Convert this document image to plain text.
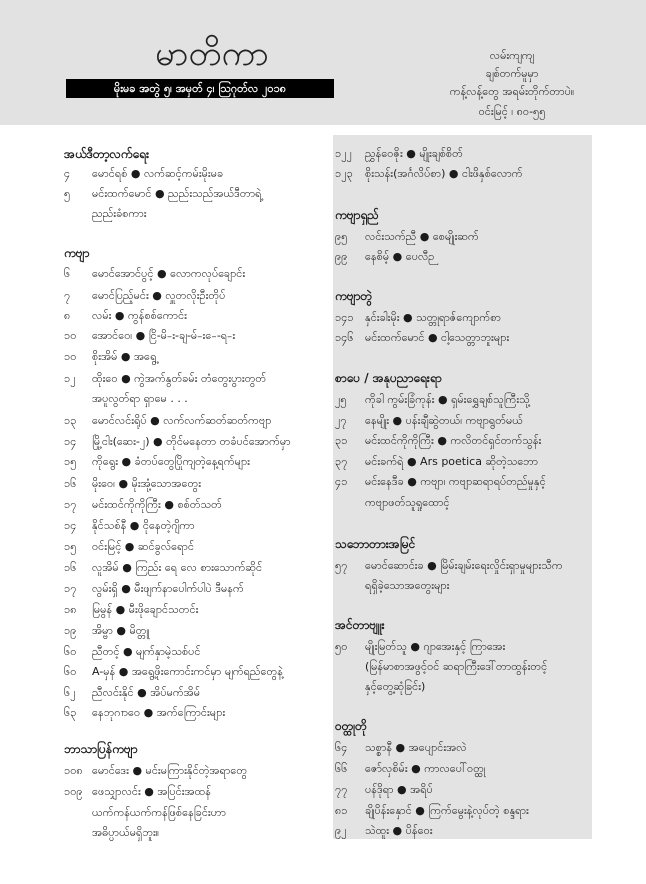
မာတိကာ
မိုးမခ အတွဲ ၅၊ အမှတ် ၄၊ ဩဂုတ်လ ၂၀၁၈
လမ်းကျကျ
ချစ်တက်မူမှာ
ကန့်လန့်တွေ အရမ်းတိုက်တာပဲ။
ဝင်းမြင့် ၊ ၈၀-၅၅
အယ်ဒီတာ့လက်ရေး
၄	မောင်ရစ် ● လက်ဆင့်ကမ်းမိုးမခ
၅	မင်းထက်မောင် ● ညည်းသည်အယ်ဒီတာရဲ့
ညည်းခံစကား
ကဗျာ
၆	မောင်အောင်ပွင့် ● လောကလုပ်ချောင်း
၇	မောင်ပြည့်မင်း ● လှူတလိုးဦးတိုပ်
၈	လမ်း ● ကွန်စစ်ကောင်း
၁၀	အောင်ဝေ၊ ● ငြိ-မိ-း-ချ-မ်-း-ေ-ရ-း
၁၀	စိုးအိမ် ● အရွေ့
၁၂	ထိုးဝေ ● ကွဲအက်နွတ်ခမ်း တံတွေးပွားတွတ်
အပူလွတ်ရာ ရှာမေ . . .
၁၃	မောင်လင်းရိုပ် ● လက်လက်ဆတ်ဆတ်ကဗျာ
၁၄	မြို့ငါး(ဆေး-၂) ● တိုင်မနေတာ တခံပင်အောက်မှာ
၁၅	ကိုရွေး ● ခံတပ်တွေပြိုကျတဲ့နေ့ရက်များ
၁၆	မိုးဝေ၊ ● မိုးအုံ့သောအတွေး
၁၇	မင်းထင်ကိုကိုကြီး ● စစ်တ်သတ်
၁၄	နိုင်သစ်နီ ● ငိုနေတဲ့ဂျိကာ
၁၅	ဝင်းမြင့် ● ဆင်ခွလ်ရောင်
၁၆	လူအိမ် ● ကြည်း ရေ လေ စားသောက်ဆိုင်
၁၇	လွမ်းရှိ ● မီးဖျက်နာပေါက်ပါပဲ ဒီမနက်
၁၈	မြမွန် ● မီးဖိုချောင်သတင်း
၁၉	အိမ္ဗာ ● မိတ္တူ
၆၀	ညီတင့် ● မျက်နှာမဲ့သစ်ပင်
၆၀	A-မှန် ● အရွေ့ဖိုးကောင်းကင်မှာ မျက်ရည်တွေနဲ့
၆၂	ညီလင်းနိုင် ● အိပ်မက်အိမ်
၆၃	နေဘုဂၢာဝေ ● အက်ကြောင်းများ
ဘာသာပြန်ကဗျာ
၁၀၈ မောင်ဒေး ● မင်းမကြားနိုင်တဲ့အရာတွေ
၁၀၉ ဖေသျှာလင်း ● အပြင်းအထန်
ယက်ကန်ယက်ကန်ဖြစ်နေခြင်းဟာ
အဓိပ္ပာယ်မရှိဘူး။
၁၂၂	ညွှန်ဝေဇိုး ● မျိုးချစ်စိတ်
၁၂၃	စိုးသန်း(အင်္ဂလိပ်စာ) ● ငါးဖိနှစ်လောက်
ကဗျာရှည်
၉၅	လင်းသက်ညီ ● စေမျိုးဆက်
၉၉	နေစိမ့် ● ပေလီဉ
ကဗျာတွဲ
၁၄၁	နှင်းခါးမိုး ● သတ္တုရာဇ်ကျောက်စာ
၁၄၆	မင်းထက်မောင် ● ငါ့သေတ္တာဘူးများ
စာပေ / အနုပညာရေးရာ
၂၅	ကိုခါ ကွမ်းခြံကုန်း ● ရှမ်းရွှေချစ်သူကြီးသို့
၂၇	နေမျိုး ● ပန်းချီဆွဲတယ်၊ ကဗျာရွတ်မယ်
၃၁	မင်းထင်ကိုကိုကြီး ● ကလိတင်ရှင်တက်သွန်း
၃၇	မင်းခက်ရဲ ● Ars poetica ဆိုတဲ့သဘော
၄၁	မင်းနေဒီခ ● ကဗျာ၊ ကဗျာဆရာရပ်တည်မှုနှင့်
ကဗျာဖတ်သူရှုထောင့်
သဘောတားအမြင်
၅၇	မောင်ဆောင်းခ ● မြိမ်းချမ်းရေးလှိုင်းရှာမှုများသီက
ရရှိခဲ့သောအတွေးများ
အင်တာဗျူး
၅၀	မျိုးမြတ်သူ ● ဂျာအေးနှင့် ကြာအေး
(မြန်မာစာအဖွင့်ဝင် ဆရာကြီးဒေါ်တာထွန်းတင့်
နှင့်တွေ့ဆုံခြင်း)
ဝတ္ထုတို
၆၄	သစ္စာနီ ● အပျောင်းအလဲ
၆၆	ဇော်လှစိမ်း ● ကာလပေါ်ဝတ္ထု
၇၇	ပန်ဒိုရာ ● အရိပ်
၈၁	ချိုပိန်းနှောင် ● ကြက်မွေးနဲ့လုပ်တဲ့ စန္ဒရား
၉၂	သဲထူး ● ပိန်ဝေး
